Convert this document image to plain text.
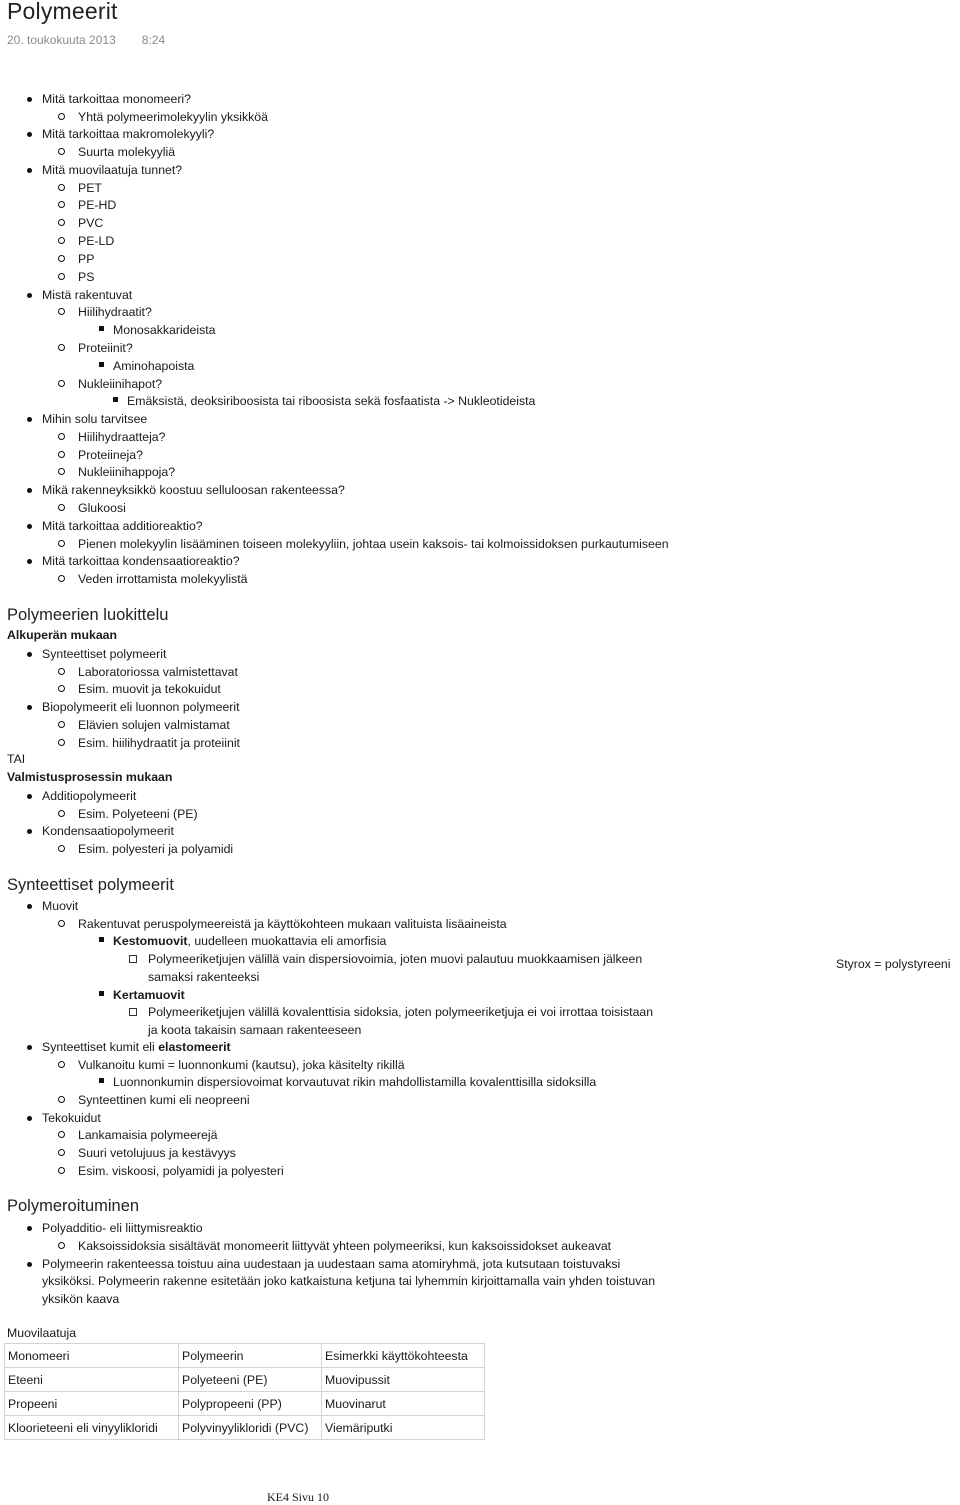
Polymeerit
20. toukokuuta 2013 8:24
Mitä tarkoittaa monomeeri?
Yhtä polymeerimolekyylin yksikköä
Mitä tarkoittaa makromolekyyli?
Suurta molekyyliä
Mitä muovilaatuja tunnet?
PET
PE-HD
PVC
PE-LD
PP
PS
Mistä rakentuvat
Hiilihydraatit?
Monosakkarideista
Proteiinit?
Aminohapoista
Nukleiinihapot?
Emäksistä, deoksiriboosista tai riboosista sekä fosfaatista -> Nukleotideista
Mihin solu tarvitsee
Hiilihydraatteja?
Proteiineja?
Nukleiinihappoja?
Mikä rakenneyksikkö koostuu selluloosan rakenteessa?
Glukoosi
Mitä tarkoittaa additioreaktio?
Pienen molekyylin lisääminen toiseen molekyyliin, johtaa usein kaksois- tai kolmoissidoksen purkautumiseen
Mitä tarkoittaa kondensaatioreaktio?
Veden irrottamista molekyylistä
Polymeerien luokittelu
Alkuperän mukaan
Synteettiset polymeerit
Laboratoriossa valmistettavat
Esim. muovit ja tekokuidut
Biopolymeerit eli luonnon polymeerit
Elävien solujen valmistamat
Esim. hiilihydraatit ja proteiinit
TAI
Valmistusprosessin mukaan
Additiopolymeerit
Esim. Polyeteeni (PE)
Kondensaatiopolymeerit
Esim. polyesteri ja polyamidi
Synteettiset polymeerit
Muovit
Rakentuvat peruspolymeereistä ja käyttökohteen mukaan valituista lisäaineista
Kestomuovit, uudelleen muokattavia eli amorfisia
Polymeeriketjujen välillä vain dispersiovoimia, joten muovi palautuu muokkaamisen jälkeen
samaksi rakenteeksi
Kertamuovit
Polymeeriketjujen välillä kovalenttisia sidoksia, joten polymeeriketjuja ei voi irrottaa toisistaan
ja koota takaisin samaan rakenteeseen
Synteettiset kumit eli elastomeerit
Vulkanoitu kumi = luonnonkumi (kautsu), joka käsitelty rikillä
Luonnonkumin dispersiovoimat korvautuvat rikin mahdollistamilla kovalenttisilla sidoksilla
Synteettinen kumi eli neopreeni
Tekokuidut
Lankamaisia polymeerejä
Suuri vetolujuus ja kestävyys
Esim. viskoosi, polyamidi ja polyesteri
Styrox = polystyreeni
Polymeroituminen
Polyadditio- eli liittymisreaktio
Kaksoissidoksia sisältävät monomeerit liittyvät yhteen polymeeriksi, kun kaksoissidokset aukeavat
Polymeerin rakenteessa toistuu aina uudestaan ja uudestaan sama atomiryhmä, jota kutsutaan toistuvaksi
yksiköksi. Polymeerin rakenne esitetään joko katkaistuna ketjuna tai lyhemmin kirjoittamalla vain yhden toistuvan
yksikön kaava
Muovilaatuja
Monomeeri	Polymeerin	Esimerkki käyttökohteesta
Eteeni	Polyeteeni (PE)	Muovipussit
Propeeni	Polypropeeni (PP)	Muovinarut
Kloorieteeni eli vinyylikloridi	Polyvinyylikloridi (PVC)	Viemäriputki
KE4 Sivu 10
